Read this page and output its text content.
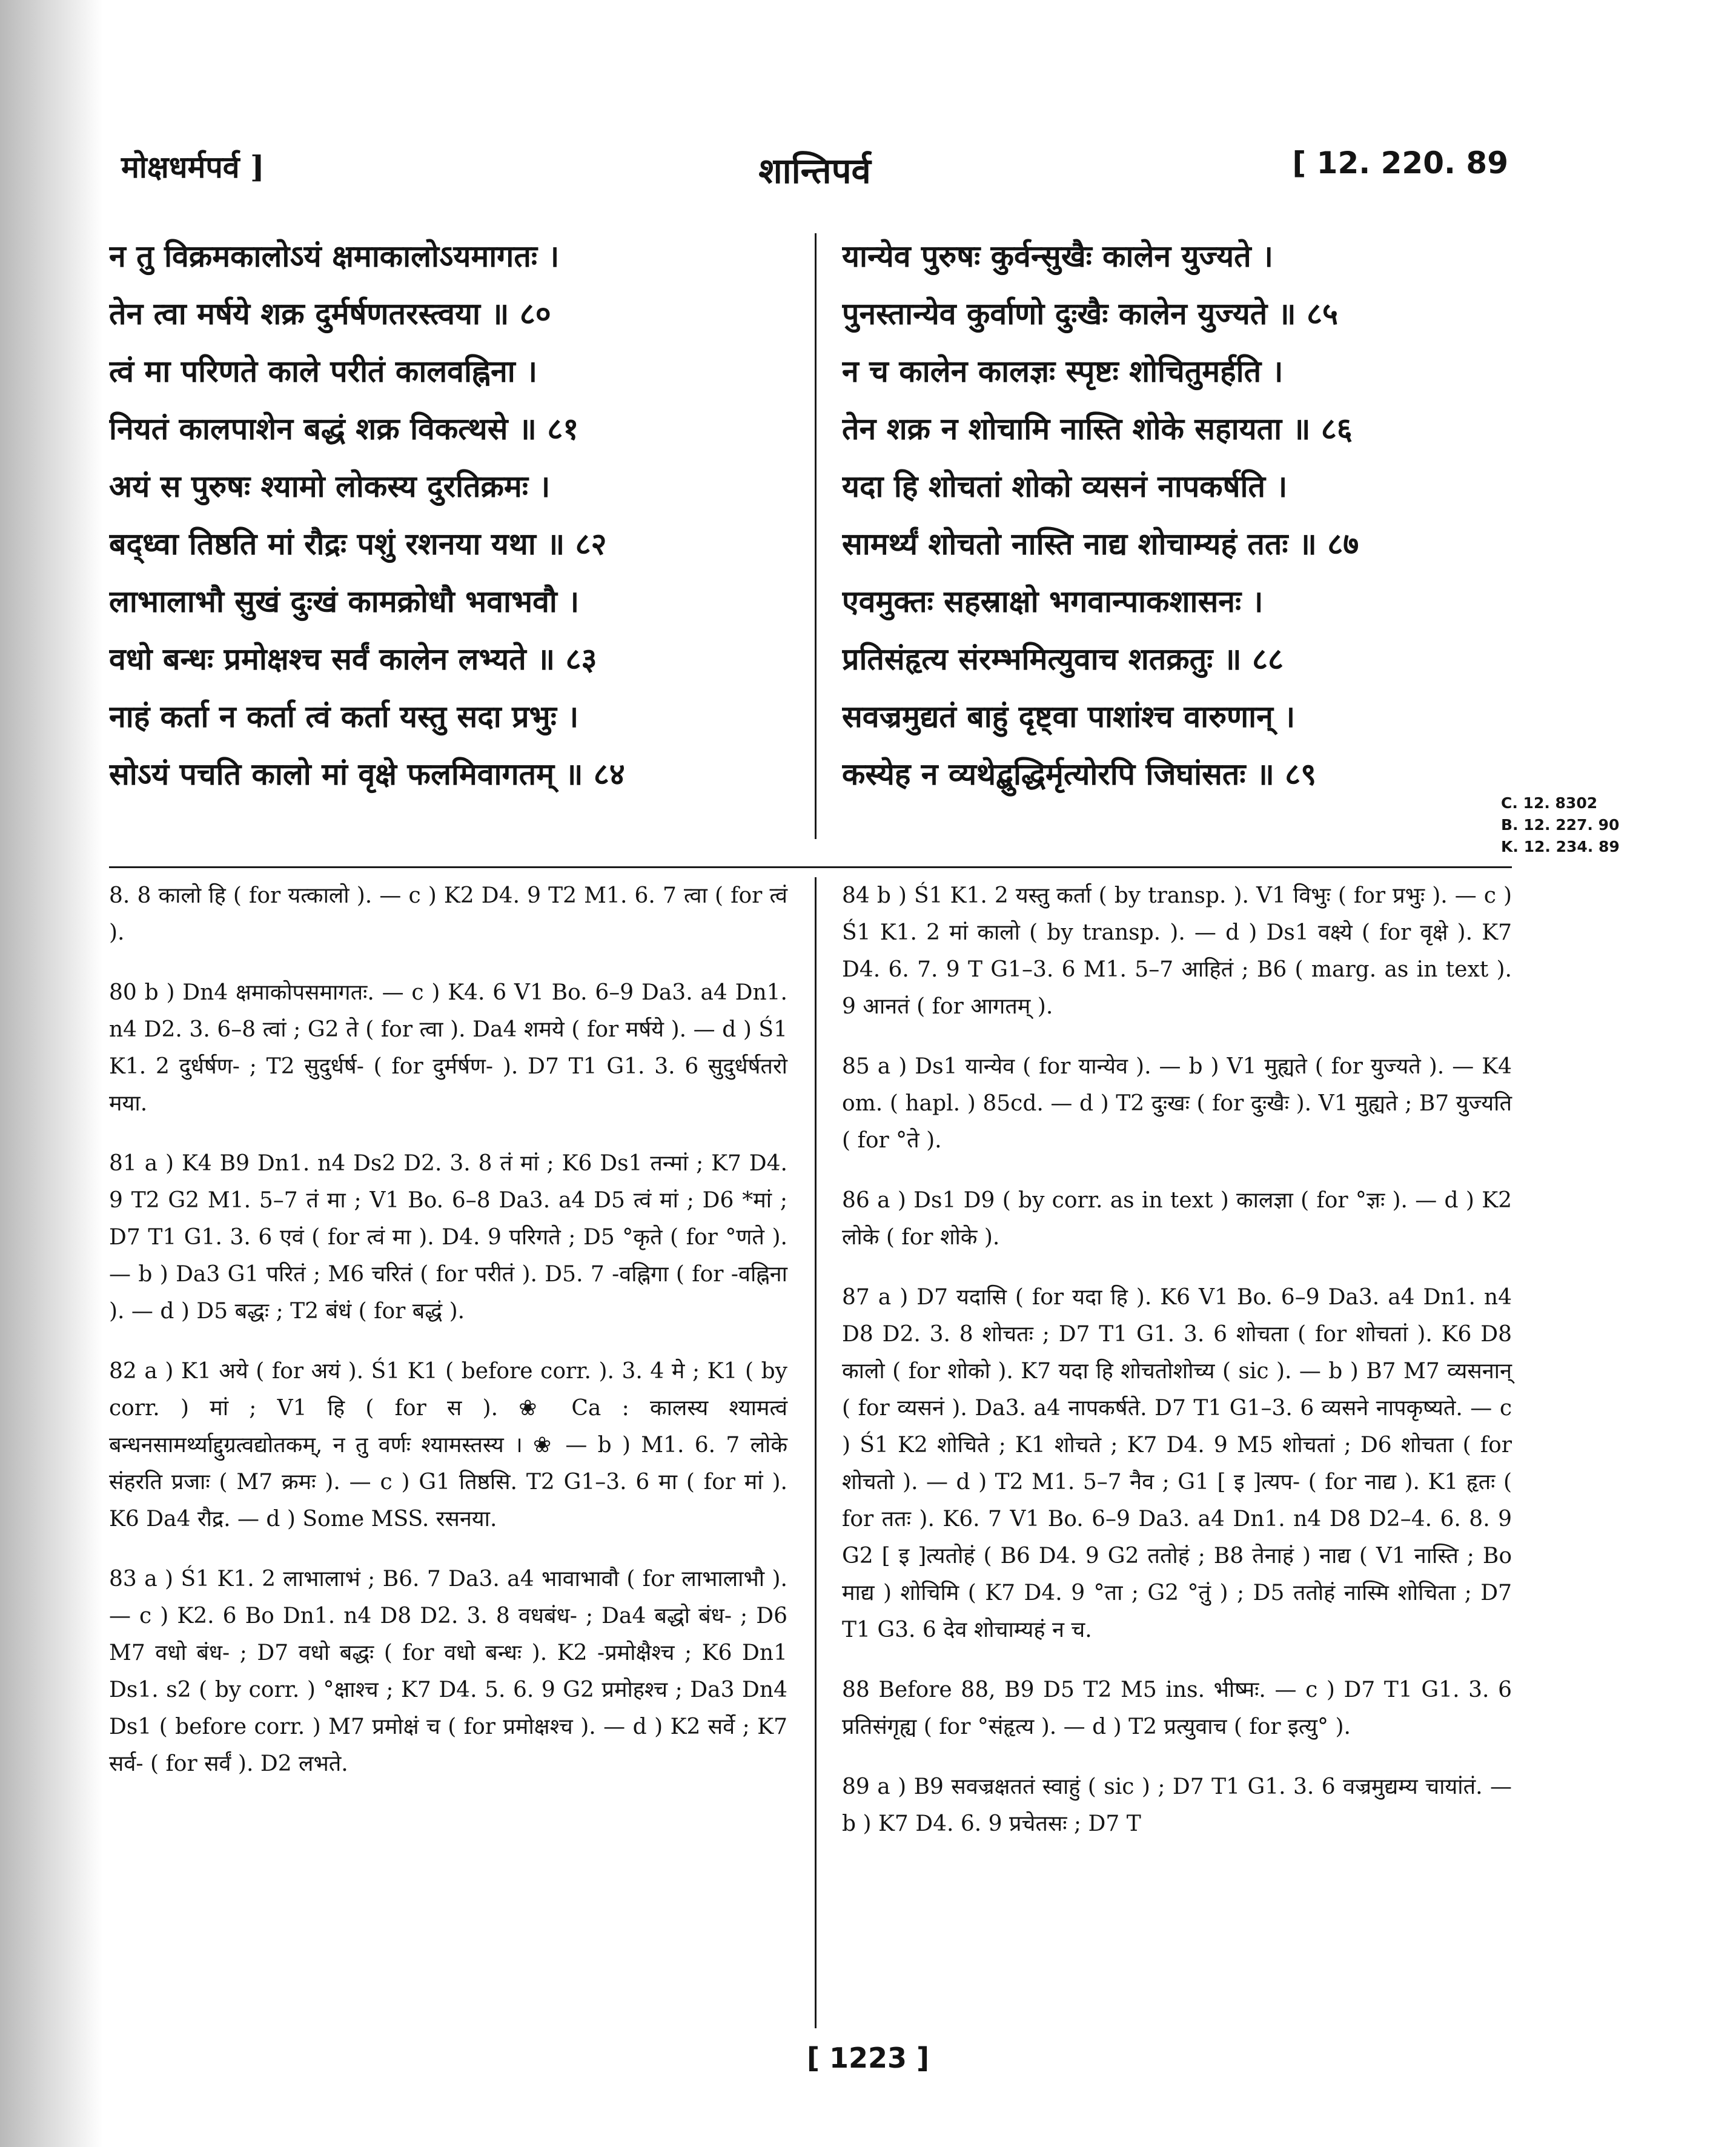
मोक्षधर्मपर्व ]	शान्तिपर्व	[ 12. 220. 89
न तु विक्रमकालोऽयं क्षमाकालोऽयमागतः ।
तेन त्वा मर्षये शक्र दुर्मर्षणतरस्त्वया ॥ ८०
त्वं मा परिणते काले परीतं कालवह्निना ।
नियतं कालपाशेन बद्धं शक्र विकत्थसे ॥ ८१
अयं स पुरुषः श्यामो लोकस्य दुरतिक्रमः ।
बद्ध्वा तिष्ठति मां रौद्रः पशुं रशनया यथा ॥ ८२
लाभालाभौ सुखं दुःखं कामक्रोधौ भवाभवौ ।
वधो बन्धः प्रमोक्षश्च सर्वं कालेन लभ्यते ॥ ८३
नाहं कर्ता न कर्ता त्वं कर्ता यस्तु सदा प्रभुः ।
सोऽयं पचति कालो मां वृक्षे फलमिवागतम् ॥ ८४
यान्येव पुरुषः कुर्वन्सुखैः कालेन युज्यते ।
पुनस्तान्येव कुर्वाणो दुःखैः कालेन युज्यते ॥ ८५
न च कालेन कालज्ञः स्पृष्टः शोचितुमर्हति ।
तेन शक्र न शोचामि नास्ति शोके सहायता ॥ ८६
यदा हि शोचतां शोको व्यसनं नापकर्षति ।
सामर्थ्यं शोचतो नास्ति नाद्य शोचाम्यहं ततः ॥ ८७
एवमुक्तः सहस्राक्षो भगवान्पाकशासनः ।
प्रतिसंहृत्य संरम्भमित्युवाच शतक्रतुः ॥ ८८
सवज्रमुद्यतं बाहुं दृष्ट्वा पाशांश्च वारुणान् ।
कस्येह न व्यथेद्बुद्धिर्मृत्योरपि जिघांसतः ॥ ८९
C. 12. 8302
B. 12. 227. 90
K. 12. 234. 89

8. 8 कालो हि ( for यत्कालो ). — c ) K2 D4. 9 T2 M1. 6. 7 त्वा ( for त्वं ).

80 b ) Dn4 क्षमाकोपसमागतः. — c ) K4. 6 V1 Bo. 6–9 Da3. a4 Dn1. n4 D2. 3. 6–8 त्वां ; G2 ते ( for त्वा ). Da4 शमये ( for मर्षये ). — d ) Ś1 K1. 2 दुर्धर्षण- ; T2 सुदुर्धर्ष- ( for दुर्मर्षण- ). D7 T1 G1. 3. 6 सुदुर्धर्षतरो मया.

81 a ) K4 B9 Dn1. n4 Ds2 D2. 3. 8 तं मां ; K6 Ds1 तन्मां ; K7 D4. 9 T2 G2 M1. 5–7 तं मा ; V1 Bo. 6–8 Da3. a4 D5 त्वं मां ; D6 *मां ; D7 T1 G1. 3. 6 एवं ( for त्वं मा ). D4. 9 परिगते ; D5 °कृते ( for °णते ). — b ) Da3 G1 परितं ; M6 चरितं ( for परीतं ). D5. 7 -वह्निगा ( for -वह्निना ). — d ) D5 बद्धः ; T2 बंधं ( for बद्धं ).

82 a ) K1 अये ( for अयं ). Ś1 K1 ( before corr. ). 3. 4 मे ; K1 ( by corr. ) मां ; V1 हि ( for स ). ❀ Ca : कालस्य श्यामत्वं बन्धनसामर्थ्याद्दुग्रत्वद्योतकम्, न तु वर्णः श्यामस्तस्य । ❀ — b ) M1. 6. 7 लोके संहरति प्रजाः ( M7 क्रमः ). — c ) G1 तिष्ठसि. T2 G1–3. 6 मा ( for मां ). K6 Da4 रौद्र. — d ) Some MSS. रसनया.

83 a ) Ś1 K1. 2 लाभालाभं ; B6. 7 Da3. a4 भावाभावौ ( for लाभालाभौ ). — c ) K2. 6 Bo Dn1. n4 D8 D2. 3. 8 वधबंध- ; Da4 बद्धो बंध- ; D6 M7 वधो बंध- ; D7 वधो बद्धः ( for वधो बन्धः ). K2 -प्रमोक्षैश्च ; K6 Dn1 Ds1. s2 ( by corr. ) °क्षाश्च ; K7 D4. 5. 6. 9 G2 प्रमोहश्च ; Da3 Dn4 Ds1 ( before corr. ) M7 प्रमोक्षं च ( for प्रमोक्षश्च ). — d ) K2 सर्वे ; K7 सर्व- ( for सर्वं ). D2 लभते.

84 b ) Ś1 K1. 2 यस्तु कर्ता ( by transp. ). V1 विभुः ( for प्रभुः ). — c ) Ś1 K1. 2 मां कालो ( by transp. ). — d ) Ds1 वक्ष्ये ( for वृक्षे ). K7 D4. 6. 7. 9 T G1–3. 6 M1. 5–7 आहितं ; B6 ( marg. as in text ). 9 आनतं ( for आगतम् ).

85 a ) Ds1 यान्येव ( for यान्येव ). — b ) V1 मुह्यते ( for युज्यते ). — K4 om. ( hapl. ) 85cd. — d ) T2 दुःखः ( for दुःखैः ). V1 मुह्यते ; B7 युज्यति ( for °ते ).

86 a ) Ds1 D9 ( by corr. as in text ) कालज्ञा ( for °ज्ञः ). — d ) K2 लोके ( for शोके ).

87 a ) D7 यदासि ( for यदा हि ). K6 V1 Bo. 6–9 Da3. a4 Dn1. n4 D8 D2. 3. 8 शोचतः ; D7 T1 G1. 3. 6 शोचता ( for शोचतां ). K6 D8 कालो ( for शोको ). K7 यदा हि शोचतोशोच्य ( sic ). — b ) B7 M7 व्यसनान् ( for व्यसनं ). Da3. a4 नापकर्षते. D7 T1 G1–3. 6 व्यसने नापकृष्यते. — c ) Ś1 K2 शोचिते ; K1 शोचते ; K7 D4. 9 M5 शोचतां ; D6 शोचता ( for शोचतो ). — d ) T2 M1. 5–7 नैव ; G1 [ इ ]त्यप- ( for नाद्य ). K1 हृतः ( for ततः ). K6. 7 V1 Bo. 6–9 Da3. a4 Dn1. n4 D8 D2–4. 6. 8. 9 G2 [ इ ]त्यतोहं ( B6 D4. 9 G2 ततोहं ; B8 तेनाहं ) नाद्य ( V1 नास्ति ; Bo माद्य ) शोचिमि ( K7 D4. 9 °ता ; G2 °तुं ) ; D5 ततोहं नास्मि शोचिता ; D7 T1 G3. 6 देव शोचाम्यहं न च.

88 Before 88, B9 D5 T2 M5 ins. भीष्मः. — c ) D7 T1 G1. 3. 6 प्रतिसंगृह्य ( for °संहृत्य ). — d ) T2 प्रत्युवाच ( for इत्यु° ).

89 a ) B9 सवज्रक्षततं स्वाहुं ( sic ) ; D7 T1 G1. 3. 6 वज्रमुद्यम्य चायांतं. — b ) K7 D4. 6. 9 प्रचेतसः ; D7 T

[ 1223 ]
